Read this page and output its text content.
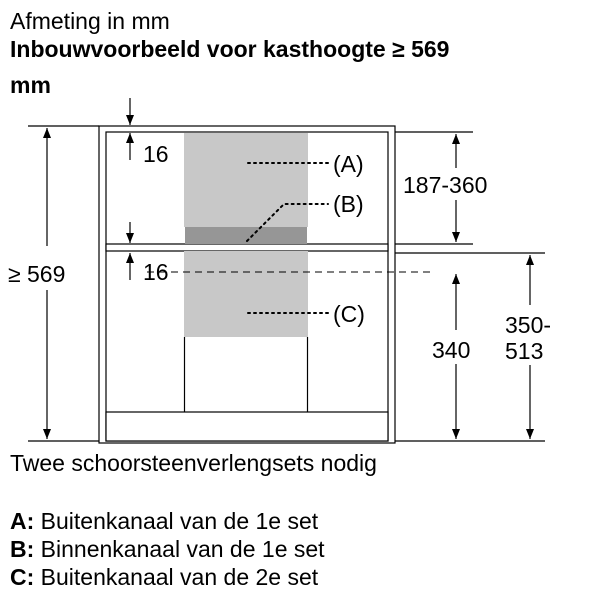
Afmeting in mm
Inbouwvoorbeeld voor kasthoogte ≥ 569
mm
(A)
(B)
(C)
≥ 569
16
16
187-360
340
350-
513
Twee schoorsteenverlengsets nodig
A: Buitenkanaal van de 1e set
B: Binnenkanaal van de 1e set
C: Buitenkanaal van de 2e set
